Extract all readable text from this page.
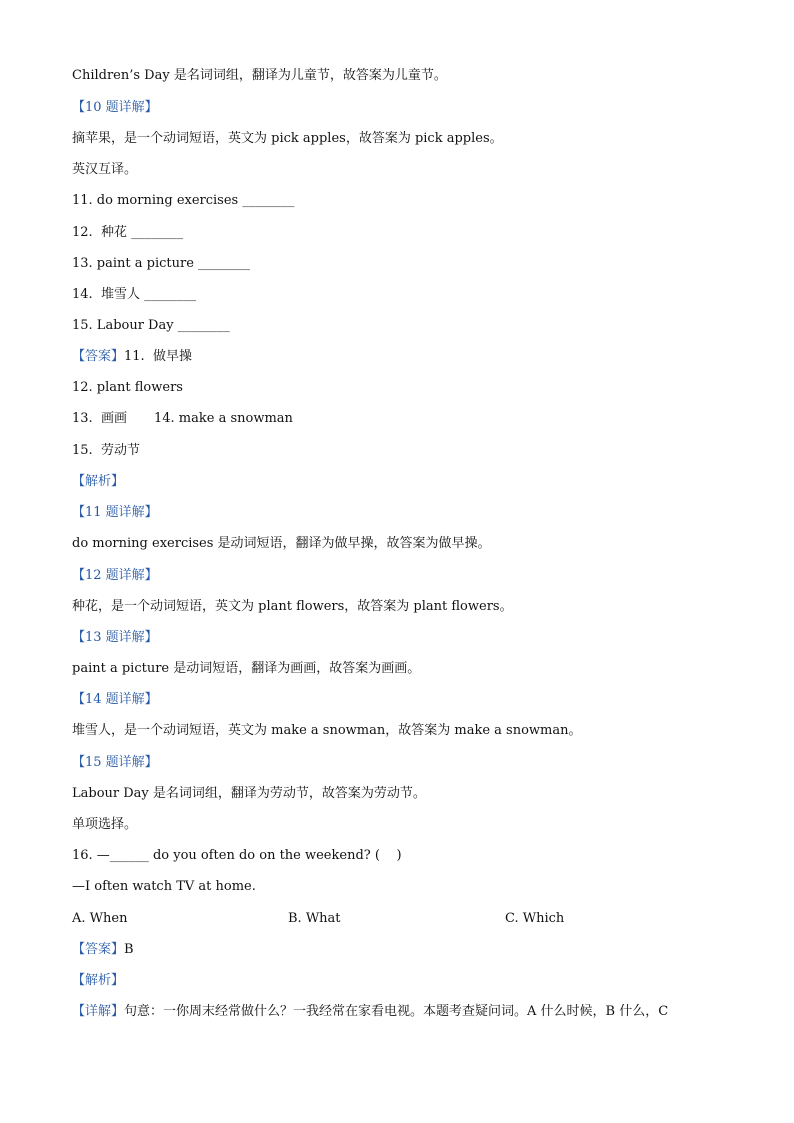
Children’s Day 是名词词组，翻译为儿童节，故答案为儿童节。
【10 题详解】
摘苹果，是一个动词短语，英文为 pick apples，故答案为 pick apples。
英汉互译。
11. do morning exercises ________
12.  种花 ________
13. paint a picture ________
14.  堆雪人 ________
15. Labour Day ________
【答案】11.  做早操
12. plant flowers
13.  画画 14. make a snowman
15.  劳动节
【解析】
【11 题详解】
do morning exercises 是动词短语，翻译为做早操，故答案为做早操。
【12 题详解】
种花，是一个动词短语，英文为 plant flowers，故答案为 plant flowers。
【13 题详解】
paint a picture 是动词短语，翻译为画画，故答案为画画。
【14 题详解】
堆雪人，是一个动词短语，英文为 make a snowman，故答案为 make a snowman。
【15 题详解】
Labour Day 是名词词组，翻译为劳动节，故答案为劳动节。
单项选择。
16. —______ do you often do on the weekend? (    )
—I often watch TV at home.
A. When	B. What	C. Which
【答案】B
【解析】
【详解】句意：一你周末经常做什么？一我经常在家看电视。本题考查疑问词。A 什么时候，B 什么，C
